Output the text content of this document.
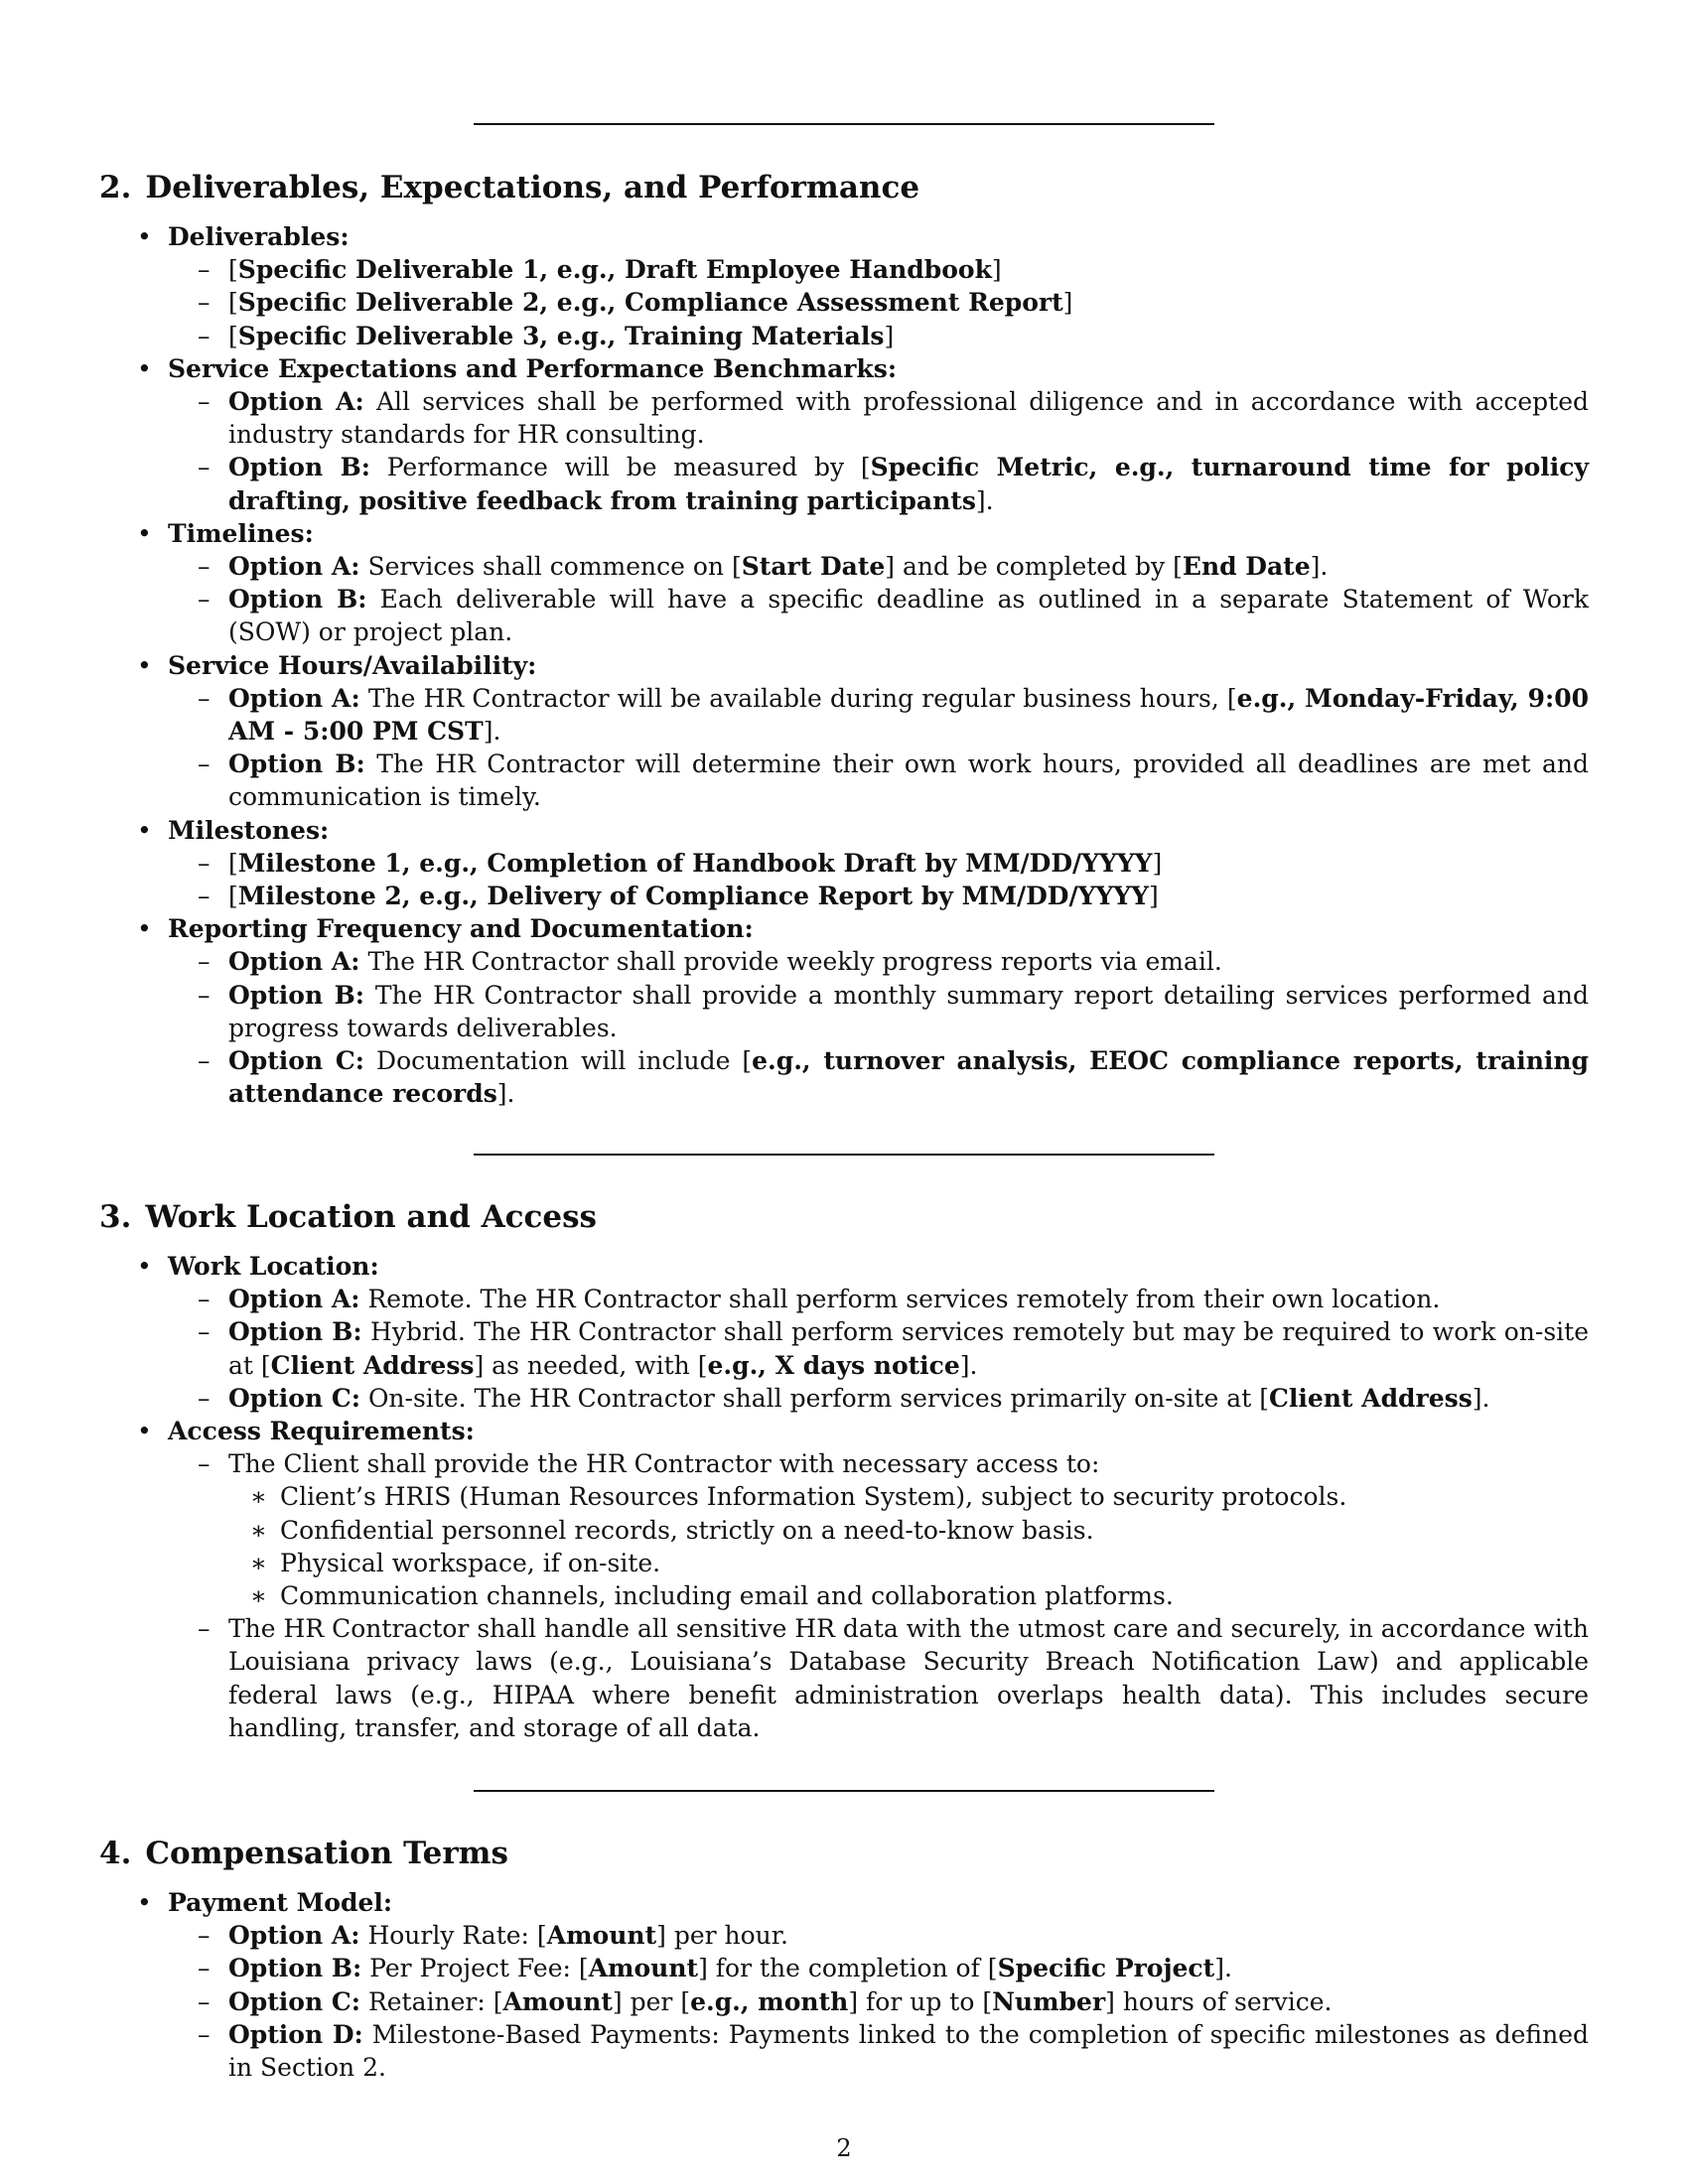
2. Deliverables, Expectations, and Performance
• Deliverables:
– [Specific Deliverable 1, e.g., Draft Employee Handbook]
– [Specific Deliverable 2, e.g., Compliance Assessment Report]
– [Specific Deliverable 3, e.g., Training Materials]
• Service Expectations and Performance Benchmarks:
– Option A: All services shall be performed with professional diligence and in accordance with accepted industry standards for HR consulting.
– Option B: Performance will be measured by [Specific Metric, e.g., turnaround time for policy drafting, positive feedback from training participants].
• Timelines:
– Option A: Services shall commence on [Start Date] and be completed by [End Date].
– Option B: Each deliverable will have a specific deadline as outlined in a separate Statement of Work (SOW) or project plan.
• Service Hours/Availability:
– Option A: The HR Contractor will be available during regular business hours, [e.g., Monday-Friday, 9:00 AM - 5:00 PM CST].
– Option B: The HR Contractor will determine their own work hours, provided all deadlines are met and communication is timely.
• Milestones:
– [Milestone 1, e.g., Completion of Handbook Draft by MM/DD/YYYY]
– [Milestone 2, e.g., Delivery of Compliance Report by MM/DD/YYYY]
• Reporting Frequency and Documentation:
– Option A: The HR Contractor shall provide weekly progress reports via email.
– Option B: The HR Contractor shall provide a monthly summary report detailing services performed and progress towards deliverables.
– Option C: Documentation will include [e.g., turnover analysis, EEOC compliance reports, training attendance records].
3. Work Location and Access
• Work Location:
– Option A: Remote. The HR Contractor shall perform services remotely from their own location.
– Option B: Hybrid. The HR Contractor shall perform services remotely but may be required to work on-site at [Client Address] as needed, with [e.g., X days notice].
– Option C: On-site. The HR Contractor shall perform services primarily on-site at [Client Address].
• Access Requirements:
– The Client shall provide the HR Contractor with necessary access to:
∗ Client’s HRIS (Human Resources Information System), subject to security protocols.
∗ Confidential personnel records, strictly on a need-to-know basis.
∗ Physical workspace, if on-site.
∗ Communication channels, including email and collaboration platforms.
– The HR Contractor shall handle all sensitive HR data with the utmost care and securely, in accordance with Louisiana privacy laws (e.g., Louisiana’s Database Security Breach Notification Law) and applicable federal laws (e.g., HIPAA where benefit administration overlaps health data). This includes secure handling, transfer, and storage of all data.
4. Compensation Terms
• Payment Model:
– Option A: Hourly Rate: [Amount] per hour.
– Option B: Per Project Fee: [Amount] for the completion of [Specific Project].
– Option C: Retainer: [Amount] per [e.g., month] for up to [Number] hours of service.
– Option D: Milestone-Based Payments: Payments linked to the completion of specific milestones as defined in Section 2.
2
